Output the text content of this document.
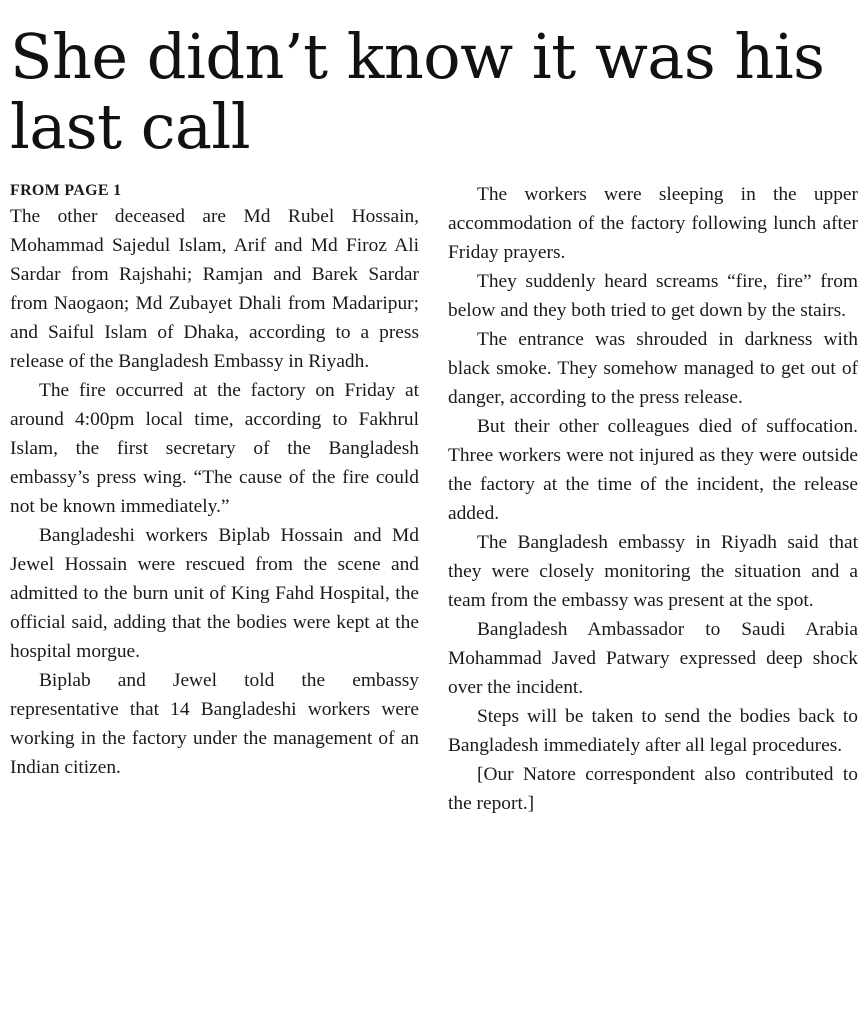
She didn’t know it was his
last call

FROM PAGE 1

The other deceased are Md Rubel Hossain, Mohammad Sajedul Islam, Arif and Md Firoz Ali Sardar from Rajshahi; Ramjan and Barek Sardar from Naogaon; Md Zubayet Dhali from Madaripur; and Saiful Islam of Dhaka, according to a press release of the Bangladesh Embassy in Riyadh.

The fire occurred at the factory on Friday at around 4:00pm local time, according to Fakhrul Islam, the first secretary of the Bangladesh embassy’s press wing. “The cause of the fire could not be known immediately.”

Bangladeshi workers Biplab Hossain and Md Jewel Hossain were rescued from the scene and admitted to the burn unit of King Fahd Hospital, the official said, adding that the bodies were kept at the hospital morgue.

Biplab and Jewel told the embassy representative that 14 Bangladeshi workers were working in the factory under the management of an Indian citizen.

The workers were sleeping in the upper accommodation of the factory following lunch after Friday prayers.

They suddenly heard screams “fire, fire” from below and they both tried to get down by the stairs.

The entrance was shrouded in darkness with black smoke. They somehow managed to get out of danger, according to the press release.

But their other colleagues died of suffocation. Three workers were not injured as they were outside the factory at the time of the incident, the release added.

The Bangladesh embassy in Riyadh said that they were closely monitoring the situation and a team from the embassy was present at the spot.

Bangladesh Ambassador to Saudi Arabia Mohammad Javed Patwary expressed deep shock over the incident.

Steps will be taken to send the bodies back to Bangladesh immediately after all legal procedures.

[Our Natore correspondent also contributed to the report.]
